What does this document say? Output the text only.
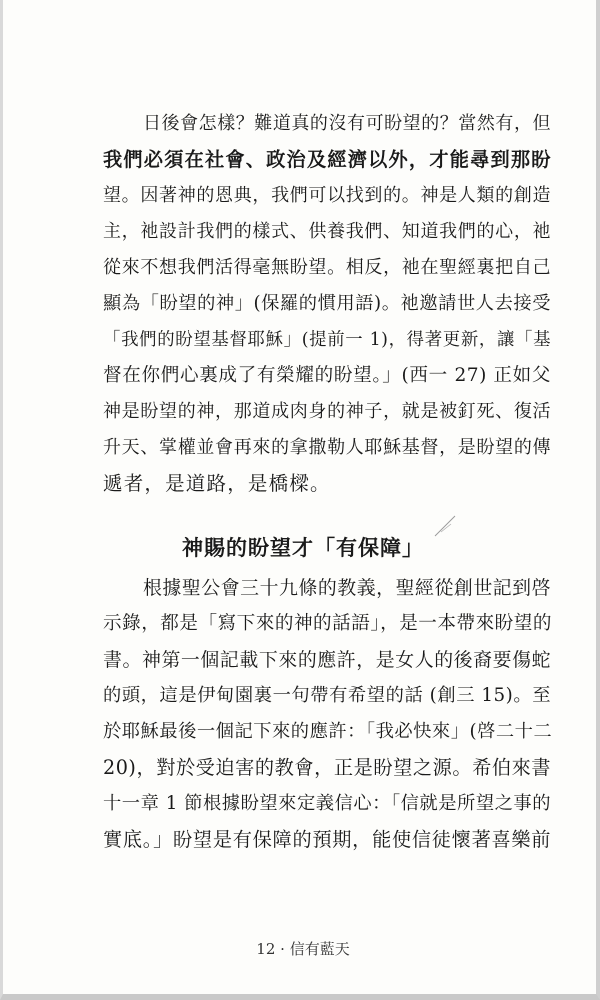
日後會怎樣？難道真的沒有可盼望的？當然有，但
我們必須在社會、政治及經濟以外，才能尋到那盼
望。因著神的恩典，我們可以找到的。神是人類的創造
主，祂設計我們的樣式、供養我們、知道我們的心，祂
從來不想我們活得毫無盼望。相反，祂在聖經裏把自己
顯為「盼望的神」(保羅的慣用語)。祂邀請世人去接受
「我們的盼望基督耶穌」(提前一 1)，得著更新，讓「基
督在你們心裏成了有榮耀的盼望。」(西一 27) 正如父
神是盼望的神，那道成肉身的神子，就是被釘死、復活
升天、掌權並會再來的拿撒勒人耶穌基督，是盼望的傳
遞者，是道路，是橋樑。
神賜的盼望才「有保障」
根據聖公會三十九條的教義，聖經從創世記到啓
示錄，都是「寫下來的神的話語」，是一本帶來盼望的
書。神第一個記載下來的應許，是女人的後裔要傷蛇
的頭，這是伊甸園裏一句帶有希望的話 (創三 15)。至
於耶穌最後一個記下來的應許：「我必快來」(啓二十二
20)，對於受迫害的教會，正是盼望之源。希伯來書
十一章 1 節根據盼望來定義信心：「信就是所望之事的
實底。」盼望是有保障的預期，能使信徒懷著喜樂前
12 · 信有藍天
